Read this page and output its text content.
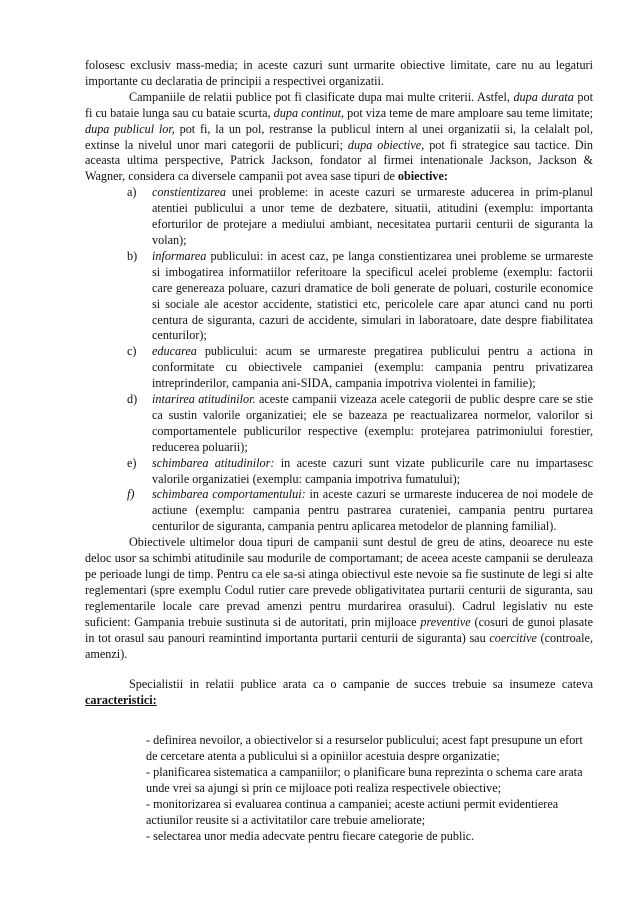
folosesc exclusiv mass-media; in aceste cazuri sunt urmarite obiective limitate, care nu au legaturi importante cu declaratia de principii a respectivei organizatii.

Campaniile de relatii publice pot fi clasificate dupa mai multe criterii. Astfel, dupa durata pot fi cu bataie lunga sau cu bataie scurta, dupa continut, pot viza teme de mare amploare sau teme limitate; dupa publicul lor, pot fi, la un pol, restranse la publicul intern al unei organizatii si, la celalalt pol, extinse la nivelul unor mari categorii de publicuri; dupa obiective, pot fi strategice sau tactice. Din aceasta ultima perspective, Patrick Jackson, fondator al firmei intenationale Jackson, Jackson & Wagner, considera ca diversele campanii pot avea sase tipuri de obiective:

a) constientizarea unei probleme: in aceste cazuri se urmareste aducerea in prim-planul atentiei publicului a unor teme de dezbatere, situatii, atitudini (exemplu: importanta eforturilor de protejare a mediului ambiant, necesitatea purtarii centurii de siguranta la volan);
b) informarea publicului: in acest caz, pe langa constientizarea unei probleme se urmareste si imbogatirea informatiilor referitoare la specificul acelei probleme (exemplu: factorii care genereaza poluare, cazuri dramatice de boli generate de poluari, costurile economice si sociale ale acestor accidente, statistici etc, pericolele care apar atunci cand nu porti centura de siguranta, cazuri de accidente, simulari in laboratoare, date despre fiabilitatea centurilor);
c) educarea publicului: acum se urmareste pregatirea publicului pentru a actiona in conformitate cu obiectivele campaniei (exemplu: campania pentru privatizarea intreprinderilor, campania ani-SIDA, campania impotriva violentei in familie);
d) intarirea atitudinilor. aceste campanii vizeaza acele categorii de public despre care se stie ca sustin valorile organizatiei; ele se bazeaza pe reactualizarea normelor, valorilor si comportamentele publicurilor respective (exemplu: protejarea patrimoniului forestier, reducerea poluarii);
e) schimbarea atitudinilor: in aceste cazuri sunt vizate publicurile care nu impartasesc valorile organizatiei (exemplu: campania impotriva fumatului);
f) schimbarea comportamentului: in aceste cazuri se urmareste inducerea de noi modele de actiune (exemplu: campania pentru pastrarea curateniei, campania pentru purtarea centurilor de siguranta, campania pentru aplicarea metodelor de planning familial).

Obiectivele ultimelor doua tipuri de campanii sunt destul de greu de atins, deoarece nu este deloc usor sa schimbi atitudinile sau modurile de comportamant; de aceea aceste campanii se deruleaza pe perioade lungi de timp. Pentru ca ele sa-si atinga obiectivul este nevoie sa fie sustinute de legi si alte reglementari (spre exemplu Codul rutier care prevede obligativitatea purtarii centurii de siguranta, sau reglementarile locale care prevad amenzi pentru murdarirea orasului). Cadrul legislativ nu este suficient: Gampania trebuie sustinuta si de autoritati, prin mijloace preventive (cosuri de gunoi plasate in tot orasul sau panouri reamintind importanta purtarii centurii de siguranta) sau coercitive (controale, amenzi).

Specialistii in relatii publice arata ca o campanie de succes trebuie sa insumeze cateva caracteristici:

- definirea nevoilor, a obiectivelor si a resurselor publicului; acest fapt presupune un efort de cercetare atenta a publicului si a opiniilor acestuia despre organizatie;
- planificarea sistematica a campaniilor; o planificare buna reprezinta o schema care arata unde vrei sa ajungi si prin ce mijloace poti realiza respectivele obiective;
- monitorizarea si evaluarea continua a campaniei; aceste actiuni permit evidentierea actiunilor reusite si a activitatilor care trebuie ameliorate;
- selectarea unor media adecvate pentru fiecare categorie de public.
